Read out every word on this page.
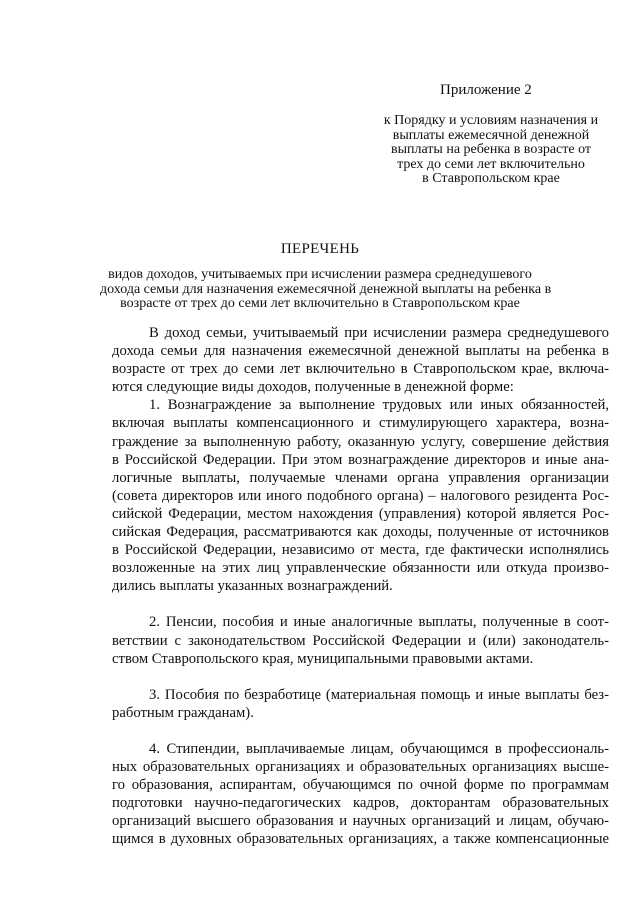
Приложение 2
к Порядку и условиям назначения и
выплаты ежемесячной денежной
выплаты на ребенка в возрасте от
трех до семи лет включительно
в Ставропольском крае
ПЕРЕЧЕНЬ
видов доходов, учитываемых при исчислении размера среднедушевого
дохода семьи для назначения ежемесячной денежной выплаты на ребенка в
возрасте от трех до семи лет включительно в Ставропольском крае
В доход семьи, учитываемый при исчислении размера среднедушевого
дохода семьи для назначения ежемесячной денежной выплаты на ребенка в
возрасте от трех до семи лет включительно в Ставропольском крае, включа-
ются следующие виды доходов, полученные в денежной форме:
1. Вознаграждение за выполнение трудовых или иных обязанностей,
включая выплаты компенсационного и стимулирующего характера, возна-
граждение за выполненную работу, оказанную услугу, совершение действия
в Российской Федерации. При этом вознаграждение директоров и иные ана-
логичные выплаты, получаемые членами органа управления организации
(совета директоров или иного подобного органа) – налогового резидента Рос-
сийской Федерации, местом нахождения (управления) которой является Рос-
сийская Федерация, рассматриваются как доходы, полученные от источников
в Российской Федерации, независимо от места, где фактически исполнялись
возложенные на этих лиц управленческие обязанности или откуда произво-
дились выплаты указанных вознаграждений.
2. Пенсии, пособия и иные аналогичные выплаты, полученные в соот-
ветствии с законодательством Российской Федерации и (или) законодатель-
ством Ставропольского края, муниципальными правовыми актами.
3. Пособия по безработице (материальная помощь и иные выплаты без-
работным гражданам).
4. Стипендии, выплачиваемые лицам, обучающимся в профессиональ-
ных образовательных организациях и образовательных организациях высше-
го образования, аспирантам, обучающимся по очной форме по программам
подготовки научно-педагогических кадров, докторантам образовательных
организаций высшего образования и научных организаций и лицам, обучаю-
щимся в духовных образовательных организациях, а также компенсационные
